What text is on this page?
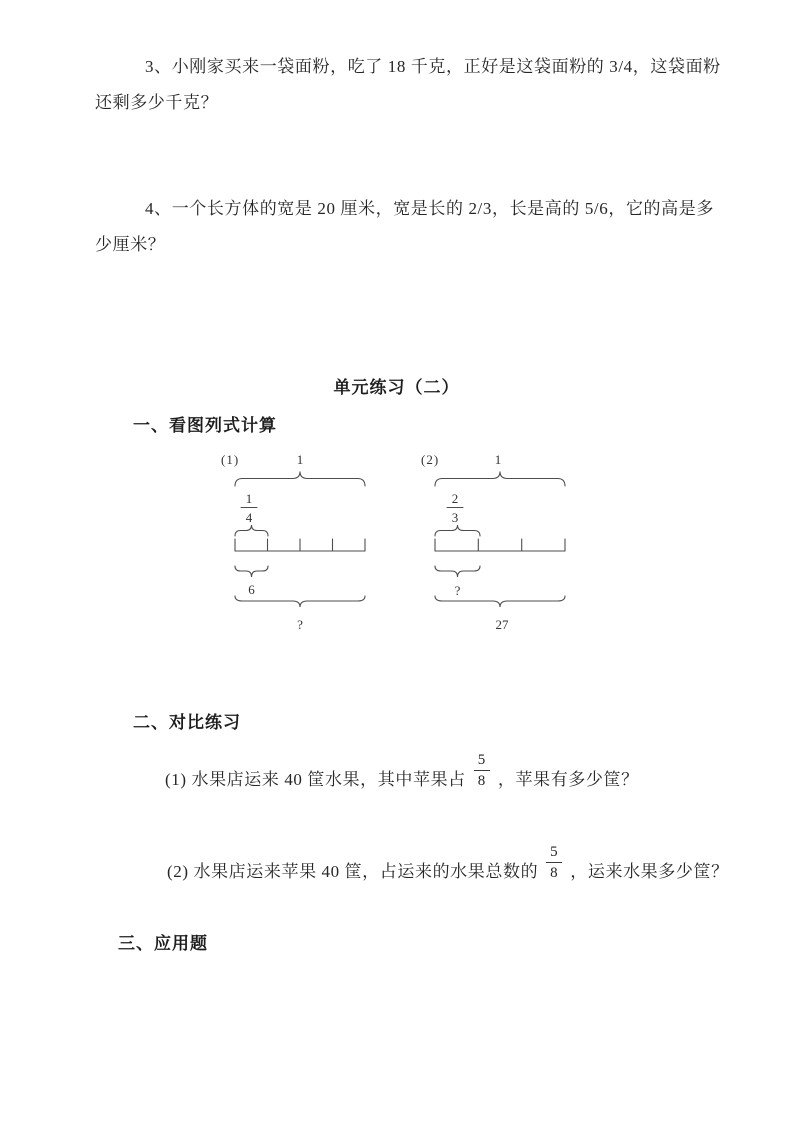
3、小刚家买来一袋面粉，吃了 18 千克，正好是这袋面粉的 3/4，这袋面粉
还剩多少千克？
4、一个长方体的宽是 20 厘米，宽是长的 2/3，长是高的 5/6，它的高是多
少厘米？
单元练习（二）
一、看图列式计算
(1)	1
1
4
6
?
(2)	1
2
3
?
27
二、对比练习
(1) 水果店运来 40 筐水果，其中苹果占 $\frac{5}{8}$ ，苹果有多少筐？
(2) 水果店运来苹果 40 筐，占运来的水果总数的 $\frac{5}{8}$ ，运来水果多少筐？
三、应用题
